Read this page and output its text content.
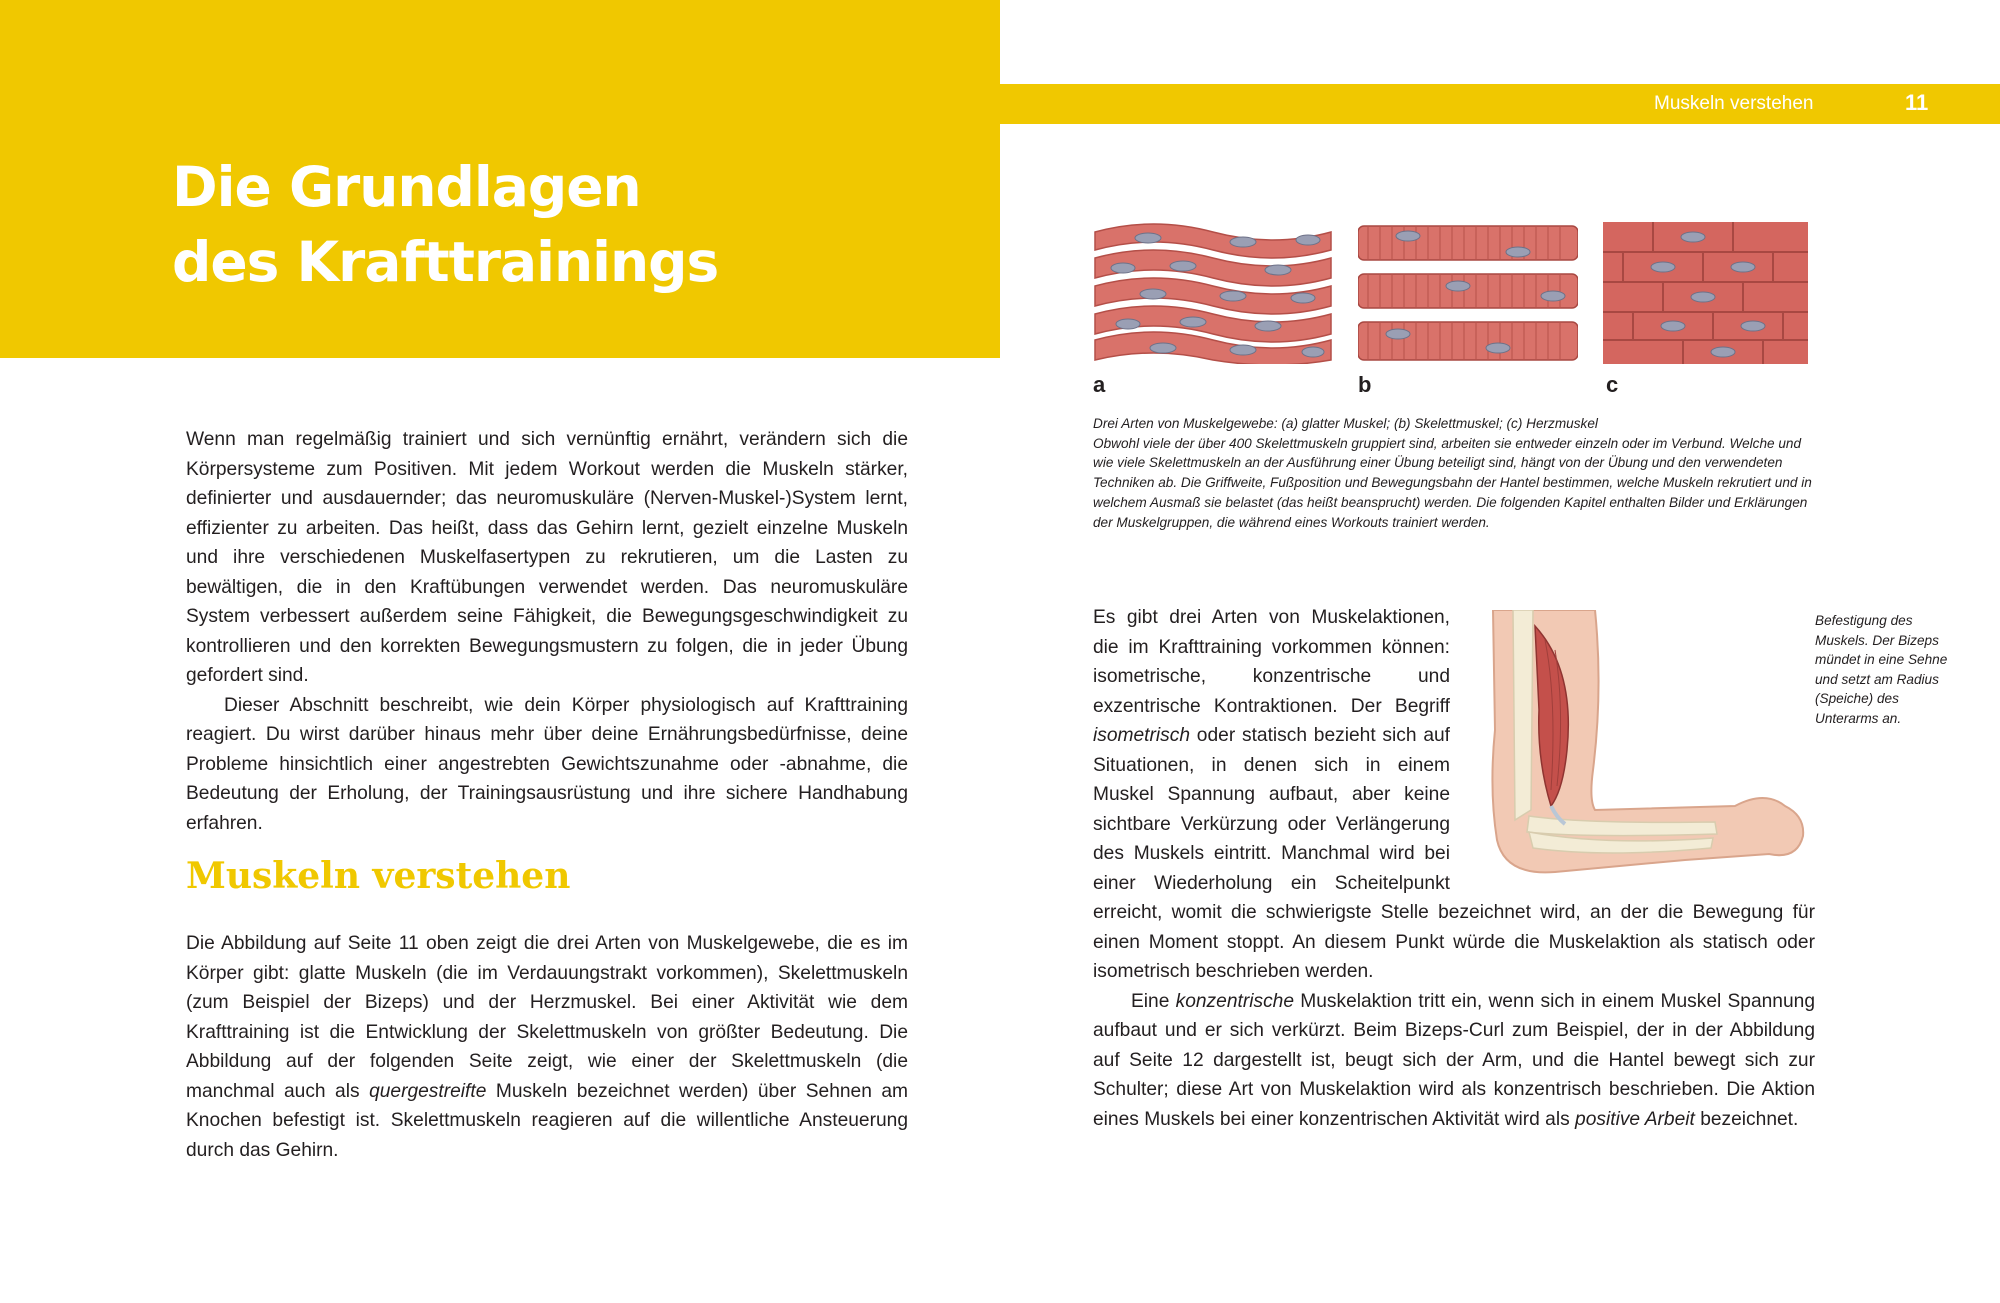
Die Grundlagen
des Krafttrainings

Wenn man regelmäßig trainiert und sich vernünftig ernährt, verändern sich die Körpersysteme zum Positiven. Mit jedem Workout werden die Muskeln stärker, definierter und ausdauernder; das neuromuskuläre (Nerven-Muskel-)System lernt, effizienter zu arbeiten. Das heißt, dass das Gehirn lernt, gezielt einzelne Muskeln und ihre verschiedenen Muskelfasertypen zu rekrutieren, um die Lasten zu bewältigen, die in den Kraftübungen verwendet werden. Das neuromuskuläre System verbessert außerdem seine Fähigkeit, die Bewegungsgeschwindigkeit zu kontrollieren und den korrekten Bewegungsmustern zu folgen, die in jeder Übung gefordert sind.

Dieser Abschnitt beschreibt, wie dein Körper physiologisch auf Krafttraining reagiert. Du wirst darüber hinaus mehr über deine Ernährungsbedürfnisse, deine Probleme hinsichtlich einer angestrebten Gewichtszunahme oder -abnahme, die Bedeutung der Erholung, der Trainingsausrüstung und ihre sichere Handhabung erfahren.

Muskeln verstehen

Die Abbildung auf Seite 11 oben zeigt die drei Arten von Muskelgewebe, die es im Körper gibt: glatte Muskeln (die im Verdauungstrakt vorkommen), Skelettmuskeln (zum Beispiel der Bizeps) und der Herzmuskel. Bei einer Aktivität wie dem Krafttraining ist die Entwicklung der Skelettmuskeln von größter Bedeutung. Die Abbildung auf der folgenden Seite zeigt, wie einer der Skelettmuskeln (die manchmal auch als quergestreifte Muskeln bezeichnet werden) über Sehnen am Knochen befestigt ist. Skelettmuskeln reagieren auf die willentliche Ansteuerung durch das Gehirn.

Muskeln verstehen	11
a	b	c

Drei Arten von Muskelgewebe: (a) glatter Muskel; (b) Skelettmuskel; (c) Herzmuskel

Obwohl viele der über 400 Skelettmuskeln gruppiert sind, arbeiten sie entweder einzeln oder im Verbund. Welche und wie viele Skelettmuskeln an der Ausführung einer Übung beteiligt sind, hängt von der Übung und den verwendeten Techniken ab. Die Griffweite, Fußposition und Bewegungsbahn der Hantel bestimmen, welche Muskeln rekrutiert und in welchem Ausmaß sie belastet (das heißt beansprucht) werden. Die folgenden Kapitel enthalten Bilder und Erklärungen der Muskelgruppen, die während eines Workouts trainiert werden.

Befestigung des Muskels. Der Bizeps mündet in eine Sehne und setzt am Radius (Speiche) des Unterarms an.

Es gibt drei Arten von Muskelaktionen, die im Krafttraining vorkommen können: isometrische, konzentrische und exzentrische Kontraktionen. Der Begriff isometrisch oder statisch bezieht sich auf Situationen, in denen sich in einem Muskel Spannung aufbaut, aber keine sichtbare Verkürzung oder Verlängerung des Muskels eintritt. Manchmal wird bei einer Wiederholung ein Scheitelpunkt erreicht, womit die schwierigste Stelle bezeichnet wird, an der die Bewegung für einen Moment stoppt. An diesem Punkt würde die Muskelaktion als statisch oder isometrisch beschrieben werden.

Eine konzentrische Muskelaktion tritt ein, wenn sich in einem Muskel Spannung aufbaut und er sich verkürzt. Beim Bizeps-Curl zum Beispiel, der in der Abbildung auf Seite 12 dargestellt ist, beugt sich der Arm, und die Hantel bewegt sich zur Schulter; diese Art von Muskelaktion wird als konzentrisch beschrieben. Die Aktion eines Muskels bei einer konzentrischen Aktivität wird als positive Arbeit bezeichnet.
